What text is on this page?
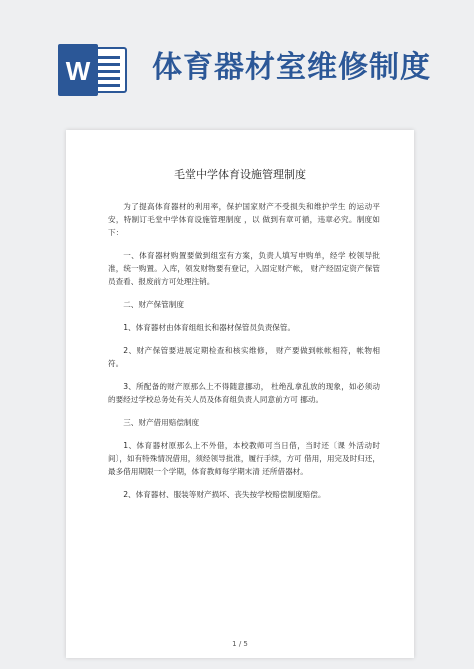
W 体育器材室维修制度
毛堂中学体育设施管理制度

为了提高体育器材的利用率，保护国家财产不受损失和维护学生 的运动平安，特制订毛堂中学体育设施管理制度 ，以 做到有章可循，违章必究。制度如下：

一、体育器材购置要做到组室有方案，负责人填写申购单，经学 校领导批准，统一购置。入库，领发财物要有登记，入固定财产帐， 财产经固定资产保管员查看、报废前方可处理注销。

二、财产保管制度

1、体育器材由体育组组长和器材保管员负责保管。

2、财产保管要进展定期检查和核实维修， 财产要做到帐帐相符，帐物相符。

3、所配备的财产原那么上不得随意挪动， 杜绝乱拿乱放的现象，如必须动的要经过学校总务处有关人员及体育组负责人同意前方可 挪动。

三、财产借用赔偿制度

1、体育器材原那么上不外借，本校教师可当日借，当时还〔课 外活动时间〕，如有特殊情况借用，须经领导批准，履行手续，方可 借用，用完及时归还，最多借用期限一个学期，体育教师每学期末清 还所借器材。

2、体育器材、服装等财产损坏、丧失按学校赔偿制度赔偿。

1 / 5
